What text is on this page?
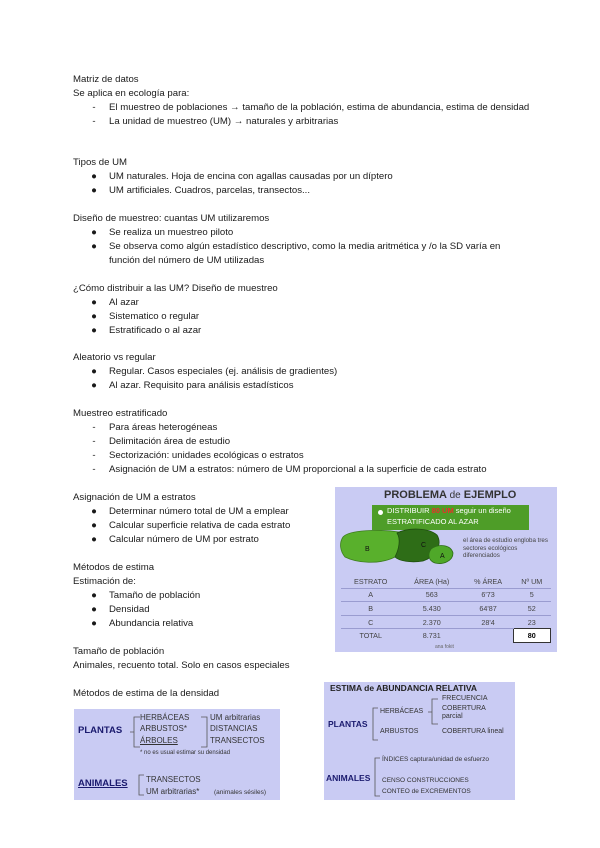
Matriz de datos

Se aplica en ecología para:

-	El muestreo de poblaciones → tamaño de la población, estima de abundancia, estima de densidad
-	La unidad de muestreo (UM) → naturales y arbitrarias

Tipos de UM

● UM naturales. Hoja de encina con agallas causadas por un díptero
● UM artificiales. Cuadros, parcelas, transectos...

Diseño de muestreo: cuantas UM utilizaremos

● Se realiza un muestreo piloto
● Se observa como algún estadístico descriptivo, como la media aritmética y /o la SD varía en función del número de UM utilizadas

¿Cómo distribuir a las UM? Diseño de muestreo

● Al azar
● Sistematico o regular
● Estratificado o al azar

Aleatorio vs regular

● Regular. Casos especiales (ej. análisis de gradientes)
● Al azar. Requisito para análisis estadísticos

Muestreo estratificado

-	Para áreas heterogéneas
-	Delimitación área de estudio
-	Sectorización: unidades ecológicas o estratos
-	Asignación de UM a estratos: número de UM proporcional a la superficie de cada estrato

Asignación de UM a estratos

● Determinar número total de UM a emplear
● Calcular superficie relativa de cada estrato
● Calcular número de UM por estrato

Métodos de estima

Estimación de:

● Tamaño de población
● Densidad
● Abundancia relativa

Tamaño de población

Animales, recuento total. Solo en casos especiales

Métodos de estima de la densidad

PROBLEMA de EJEMPLO
DISTRIBUIR 80 UM seguir un diseño
ESTRATIFICADO AL AZAR
B
C
A
el área de estudio engloba tres sectores ecológicos diferenciados
ESTRATO	ÁREA (Ha)	% ÁREA	Nº UM
A	563	6'73	5
B	5.430	64'87	52
C	2.370	28'4	23
TOTAL	8.731		80
ana fokit
PLANTAS
HERBÁCEAS
ARBUSTOS*
ÁRBOLES
UM arbitrarias
DISTANCIAS
TRANSECTOS
* no es usual estimar su densidad
ANIMALES TRANSECTOS
UM arbitrarias* (animales sésiles)
ESTIMA de ABUNDANCIA RELATIVA
PLANTAS
HERBÁCEAS
ARBUSTOS
FRECUENCIA
COBERTURA parcial
COBERTURA lineal
ANIMALES
ÍNDICES captura/unidad de esfuerzo
CENSO CONSTRUCCIONES
CONTEO de EXCREMENTOS
